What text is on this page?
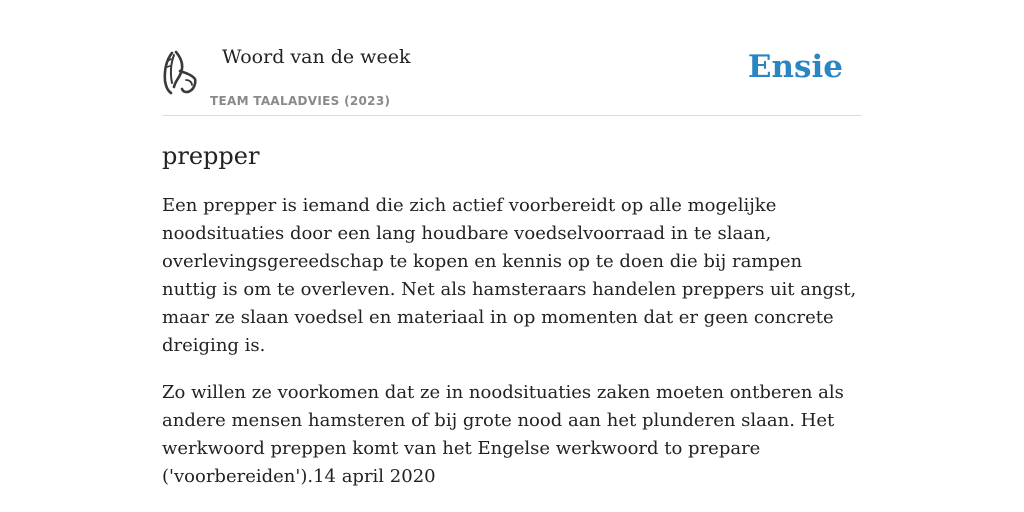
Woord van de week
TEAM TAALADVIES (2023)
Ensie
prepper

Een prepper is iemand die zich actief voorbereidt op alle mogelijke noodsituaties door een lang houdbare voedselvoorraad in te slaan, overlevingsgereedschap te kopen en kennis op te doen die bij rampen nuttig is om te overleven. Net als hamsteraars handelen preppers uit angst, maar ze slaan voedsel en materiaal in op momenten dat er geen concrete dreiging is.

Zo willen ze voorkomen dat ze in noodsituaties zaken moeten ontberen als andere mensen hamsteren of bij grote nood aan het plunderen slaan. Het werkwoord preppen komt van het Engelse werkwoord to prepare ('voorbereiden').14 april 2020
